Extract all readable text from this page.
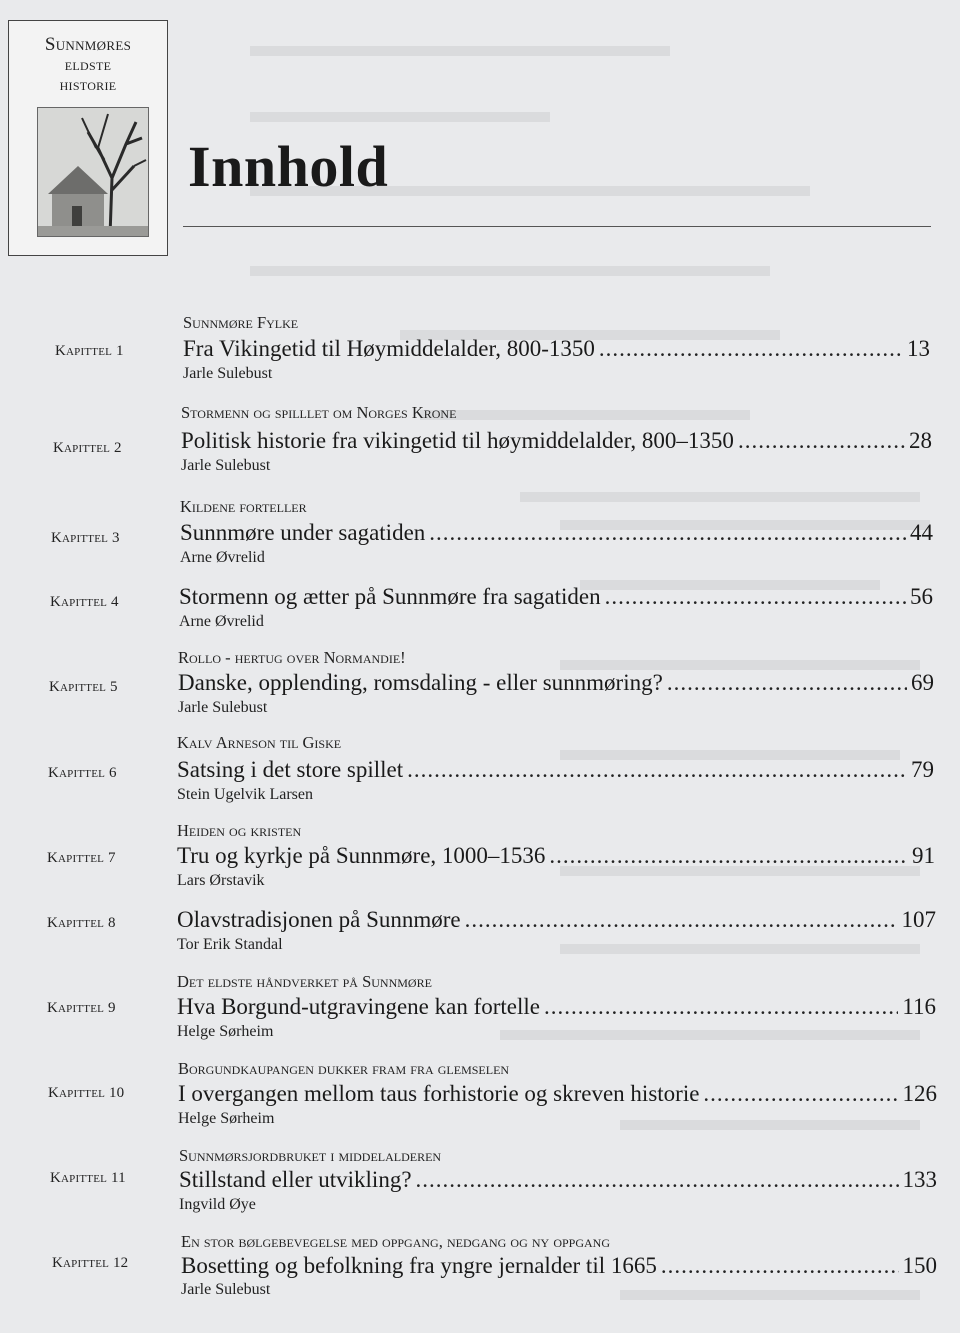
Sunnmøres
eldste
historie
Innhold
Kapittel 1
Sunnmøre Fylke
Fra Vikingetid til Høymiddelalder, 800-1350 .....	13
Jarle Sulebust
Kapittel 2
Stormenn og spilllet om Norges Krone
Politisk historie fra vikingetid til høymiddelalder, 800–1350 .....	28
Jarle Sulebust
Kapittel 3
Kildene forteller
Sunnmøre under sagatiden .....	44
Arne Øvrelid
Kapittel 4	Stormenn og ætter på Sunnmøre fra sagatiden .....	56
Arne Øvrelid
Kapittel 5
Rollo - hertug over Normandie!
Danske, opplending, romsdaling - eller sunnmøring? .....	69
Jarle Sulebust
Kapittel 6
Kalv Arneson til Giske
Satsing i det store spillet .....	79
Stein Ugelvik Larsen
Kapittel 7
Heiden og kristen
Tru og kyrkje på Sunnmøre, 1000–1536 .....	91
Lars Ørstavik
Kapittel 8	Olavstradisjonen på Sunnmøre .....	107
Tor Erik Standal
Kapittel 9
Det eldste håndverket på Sunnmøre
Hva Borgund-utgravingene kan fortelle .....	116
Helge Sørheim
Kapittel 10
Borgundkaupangen dukker fram fra glemselen
I overgangen mellom taus forhistorie og skreven historie .....	126
Helge Sørheim
Kapittel 11
Sunnmørsjordbruket i middelalderen
Stillstand eller utvikling? .....	133
Ingvild Øye
Kapittel 12
En stor bølgebevegelse med oppgang, nedgang og ny oppgang
Bosetting og befolkning fra yngre jernalder til 1665 .....	150
Jarle Sulebust
